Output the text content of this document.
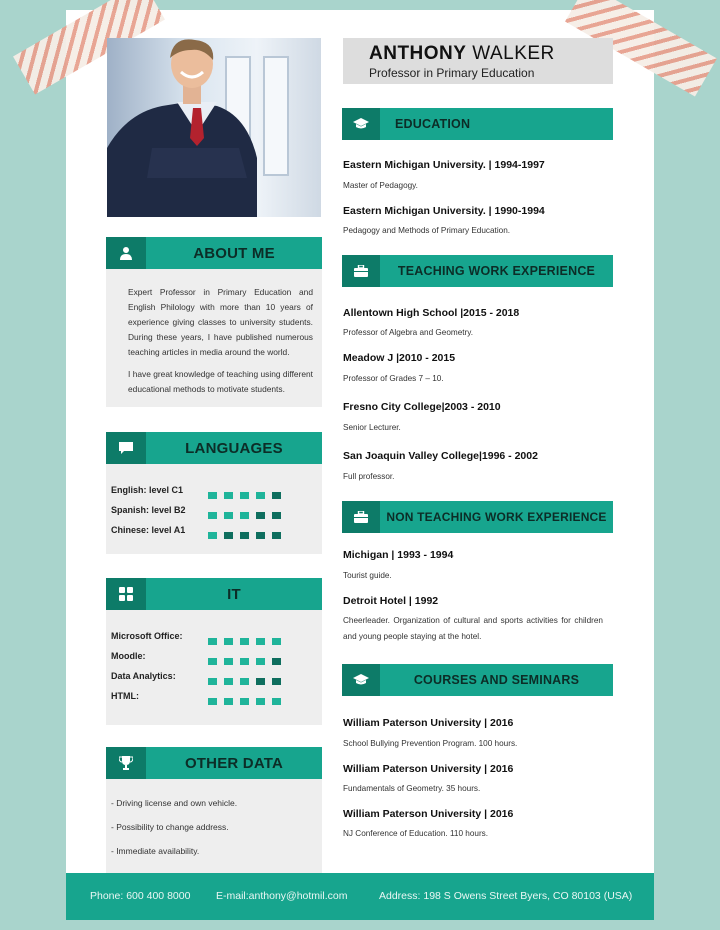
ABOUT ME

Expert Professor in Primary Education and English Philology with more than 10 years of experience giving classes to university students. During these years, I have published numerous teaching articles in media around the world.

I have great knowledge of teaching using different educational methods to motivate students.

LANGUAGES
English: level C1
Spanish: level B2
Chinese: level A1
IT
Microsoft Office:
Moodle:
Data Analytics:
HTML:
OTHER DATA
- Driving license and own vehicle.
- Possibility to change address.
- Immediate availability.
ANTHONY WALKER
Professor in Primary Education
EDUCATION
Eastern Michigan University. | 1994-1997
Master of Pedagogy.
Eastern Michigan University. | 1990-1994
Pedagogy and Methods of Primary Education.
TEACHING WORK EXPERIENCE
Allentown High School |2015 - 2018
Professor of Algebra and Geometry.
Meadow J |2010 - 2015
Professor of Grades 7 – 10.
Fresno City College|2003 - 2010
Senior Lecturer.
San Joaquin Valley College|1996 - 2002
Full professor.
NON TEACHING WORK EXPERIENCE
Michigan | 1993 - 1994
Tourist guide.
Detroit Hotel | 1992
Cheerleader. Organization of cultural and sports activities for children and young people staying at the hotel.
COURSES AND SEMINARS
William Paterson University | 2016
School Bullying Prevention Program. 100 hours.
William Paterson University | 2016
Fundamentals of Geometry. 35 hours.
William Paterson University | 2016
NJ Conference of Education. 110 hours.
Phone: 600 400 8000 E-mail:anthony@hotmil.com	Address: 198 S Owens Street Byers, CO 80103 (USA)
